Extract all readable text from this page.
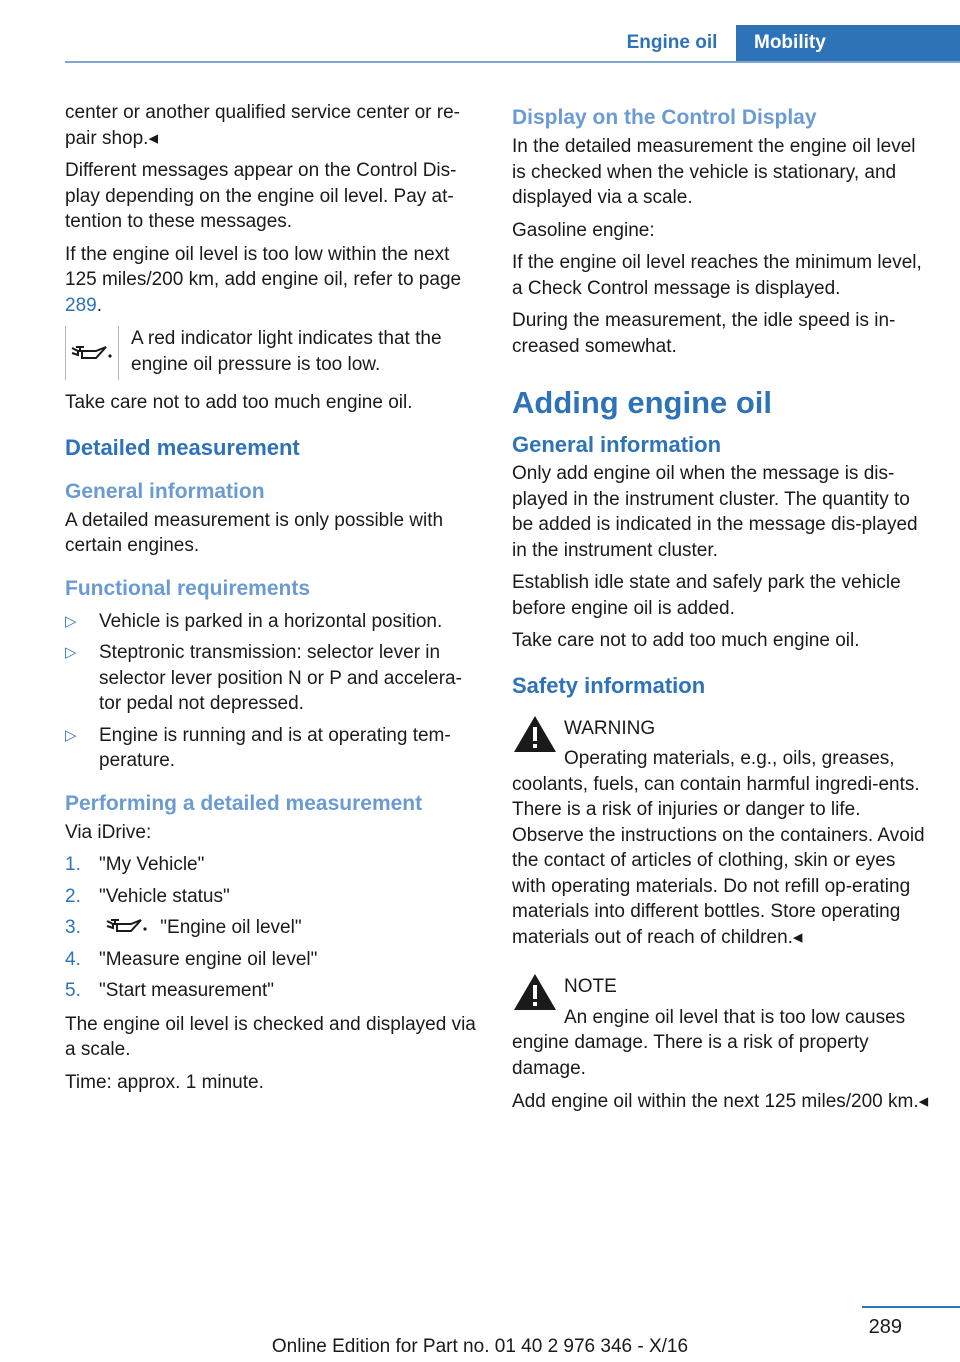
Engine oil	Mobility

center or another qualified service center or re‐pair shop.◂

Different messages appear on the Control Dis‐play depending on the engine oil level. Pay at‐tention to these messages.

If the engine oil level is too low within the next 125 miles/200 km, add engine oil, refer to page 289.

A red indicator light indicates that the engine oil pressure is too low.

Take care not to add too much engine oil.

Detailed measurement
General information

A detailed measurement is only possible with certain engines.

Functional requirements
▷ Vehicle is parked in a horizontal position.
▷ Steptronic transmission: selector lever in selector lever position N or P and accelera‐tor pedal not depressed.
▷ Engine is running and is at operating tem‐perature.
Performing a detailed measurement

Via iDrive:

1. "My Vehicle"
2. "Vehicle status"
3.	"Engine oil level"
4. "Measure engine oil level"
5. "Start measurement"

The engine oil level is checked and displayed via a scale.

Time: approx. 1 minute.

Display on the Control Display

In the detailed measurement the engine oil level is checked when the vehicle is stationary, and displayed via a scale.

Gasoline engine:

If the engine oil level reaches the minimum level, a Check Control message is displayed.

During the measurement, the idle speed is in‐creased somewhat.

Adding engine oil
General information

Only add engine oil when the message is dis‐played in the instrument cluster. The quantity to be added is indicated in the message dis‐played in the instrument cluster.

Establish idle state and safely park the vehicle before engine oil is added.

Take care not to add too much engine oil.

Safety information
WARNING
Operating materials, e.g., oils, greases, coolants, fuels, can contain harmful ingredi‐ents. There is a risk of injuries or danger to life. Observe the instructions on the containers. Avoid the contact of articles of clothing, skin or eyes with operating materials. Do not refill op‐erating materials into different bottles. Store operating materials out of reach of children.◂
NOTE
An engine oil level that is too low causes engine damage. There is a risk of property damage.

Add engine oil within the next 125 miles/200 km.◂

289
Online Edition for Part no. 01 40 2 976 346 - X/16
